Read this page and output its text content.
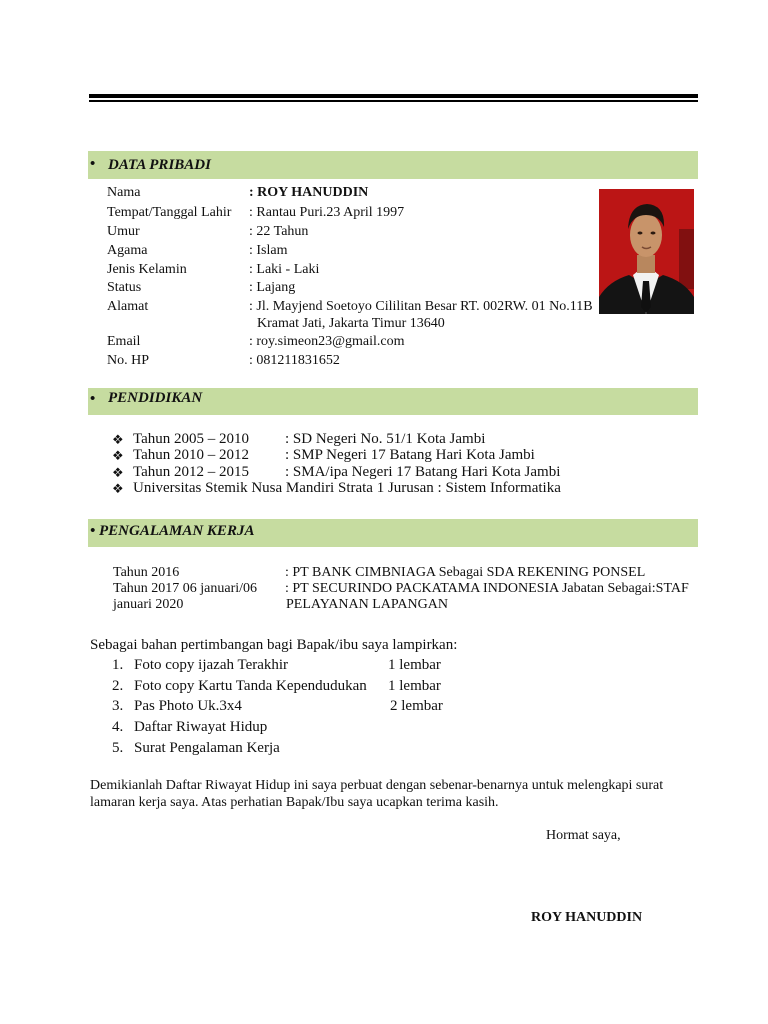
• DATA PRIBADI
Nama	: ROY HANUDDIN
Tempat/Tanggal Lahir : Rantau Puri.23 April 1997
Umur	: 22 Tahun
Agama	: Islam
Jenis Kelamin	: Laki - Laki
Status	: Lajang
Alamat	: Jl. Mayjend Soetoyo Cililitan Besar RT. 002RW. 01 No.11B
Kramat Jati, Jakarta Timur 13640
Email	: roy.simeon23@gmail.com
No. HP	: 081211831652
• PENDIDIKAN
❖ Tahun 2005 – 2010 : SD Negeri No. 51/1 Kota Jambi
❖ Tahun 2010 – 2012 : SMP Negeri 17 Batang Hari Kota Jambi
❖ Tahun 2012 – 2015 : SMA/ipa Negeri 17 Batang Hari Kota Jambi
❖ Universitas Stemik Nusa Mandiri Strata 1 Jurusan : Sistem Informatika
• PENGALAMAN KERJA
Tahun 2016	: PT BANK CIMBNIAGA Sebagai SDA REKENING PONSEL
Tahun 2017 06 januari/06
januari 2020
: PT SECURINDO PACKATAMA INDONESIA Jabatan Sebagai:STAF
PELAYANAN LAPANGAN
Sebagai bahan pertimbangan bagi Bapak/ibu saya lampirkan:
1. Foto copy ijazah Terakhir	1 lembar
2. Foto copy Kartu Tanda Kependudukan 1 lembar
3. Pas Photo Uk.3x4	2 lembar
4. Daftar Riwayat Hidup
5. Surat Pengalaman Kerja
Demikianlah Daftar Riwayat Hidup ini saya perbuat dengan sebenar-benarnya untuk melengkapi surat
lamaran kerja saya. Atas perhatian Bapak/Ibu saya ucapkan terima kasih.
Hormat saya,
ROY HANUDDIN
